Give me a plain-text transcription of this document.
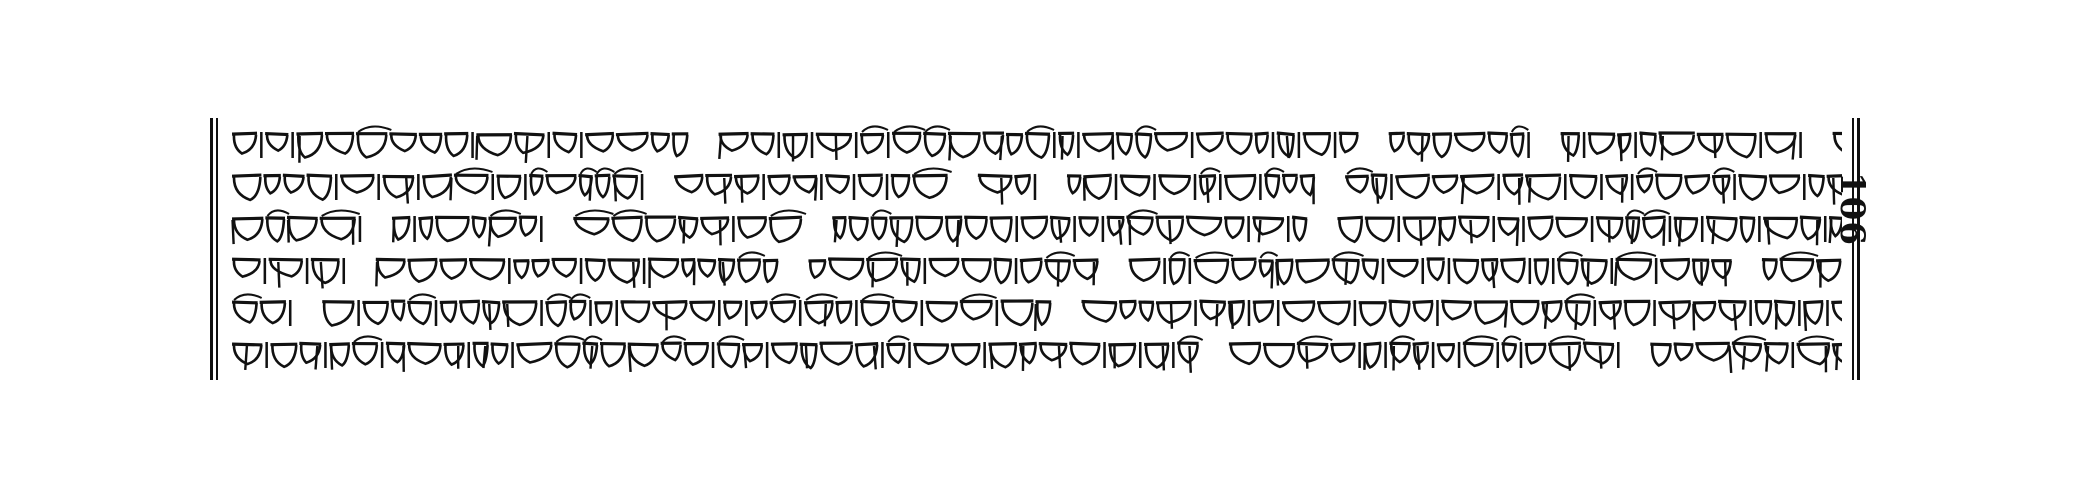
106
